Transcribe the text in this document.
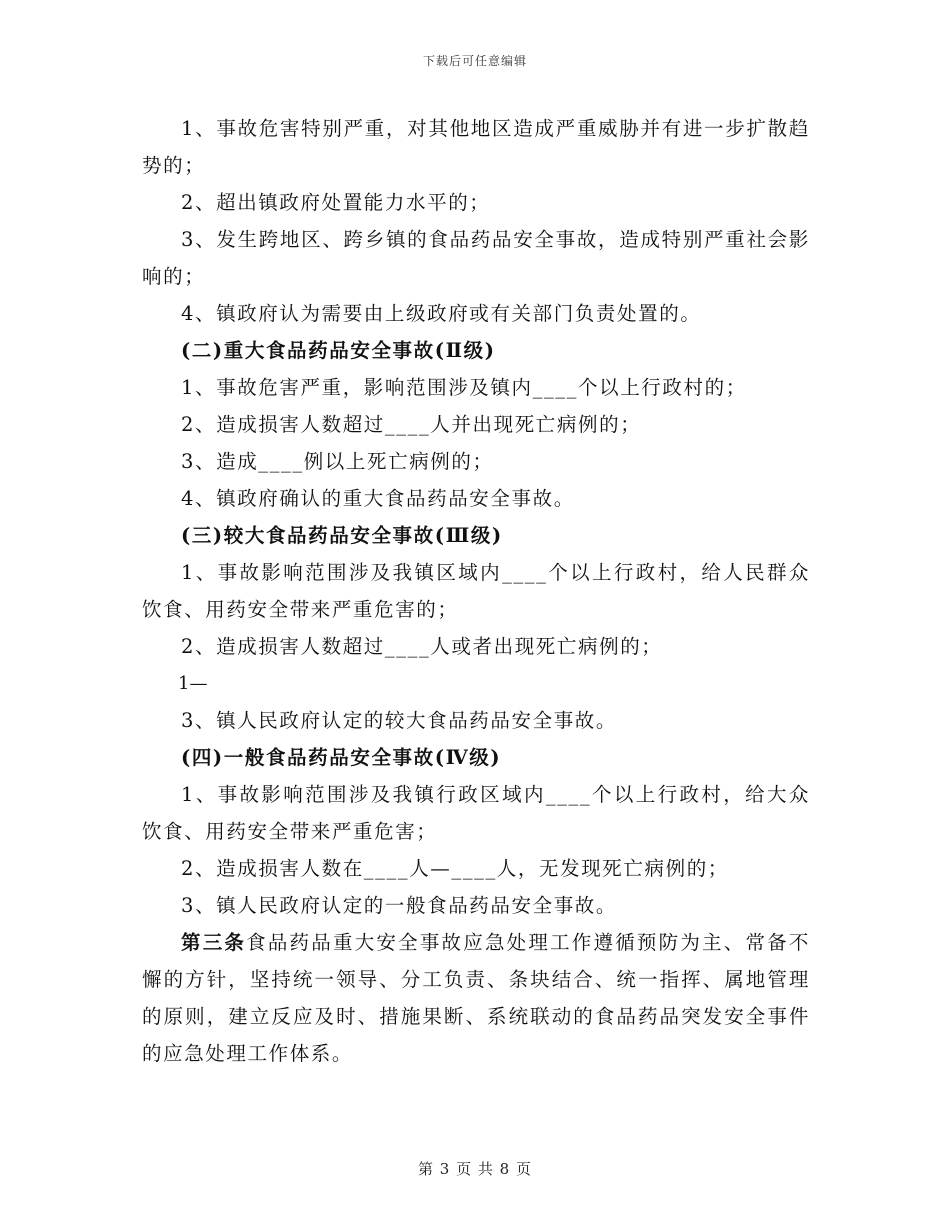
下载后可任意编辑

1、事故危害特别严重，对其他地区造成严重威胁并有进一步扩散趋势的；

2、超出镇政府处置能力水平的；

3、发生跨地区、跨乡镇的食品药品安全事故，造成特别严重社会影响的；

4、镇政府认为需要由上级政府或有关部门负责处置的。

(二)重大食品药品安全事故(Ⅱ级)

1、事故危害严重，影响范围涉及镇内____个以上行政村的；

2、造成损害人数超过____人并出现死亡病例的；

3、造成____例以上死亡病例的；

4、镇政府确认的重大食品药品安全事故。

(三)较大食品药品安全事故(Ⅲ级)

1、事故影响范围涉及我镇区域内____个以上行政村，给人民群众饮食、用药安全带来严重危害的；

2、造成损害人数超过____人或者出现死亡病例的；

1—

3、镇人民政府认定的较大食品药品安全事故。

(四)一般食品药品安全事故(Ⅳ级)

1、事故影响范围涉及我镇行政区域内____个以上行政村，给大众饮食、用药安全带来严重危害；

2、造成损害人数在____人—____人，无发现死亡病例的；

3、镇人民政府认定的一般食品药品安全事故。

第三条食品药品重大安全事故应急处理工作遵循预防为主、常备不懈的方针，坚持统一领导、分工负责、条块结合、统一指挥、属地管理的原则，建立反应及时、措施果断、系统联动的食品药品突发安全事件的应急处理工作体系。

第 3 页 共 8 页
